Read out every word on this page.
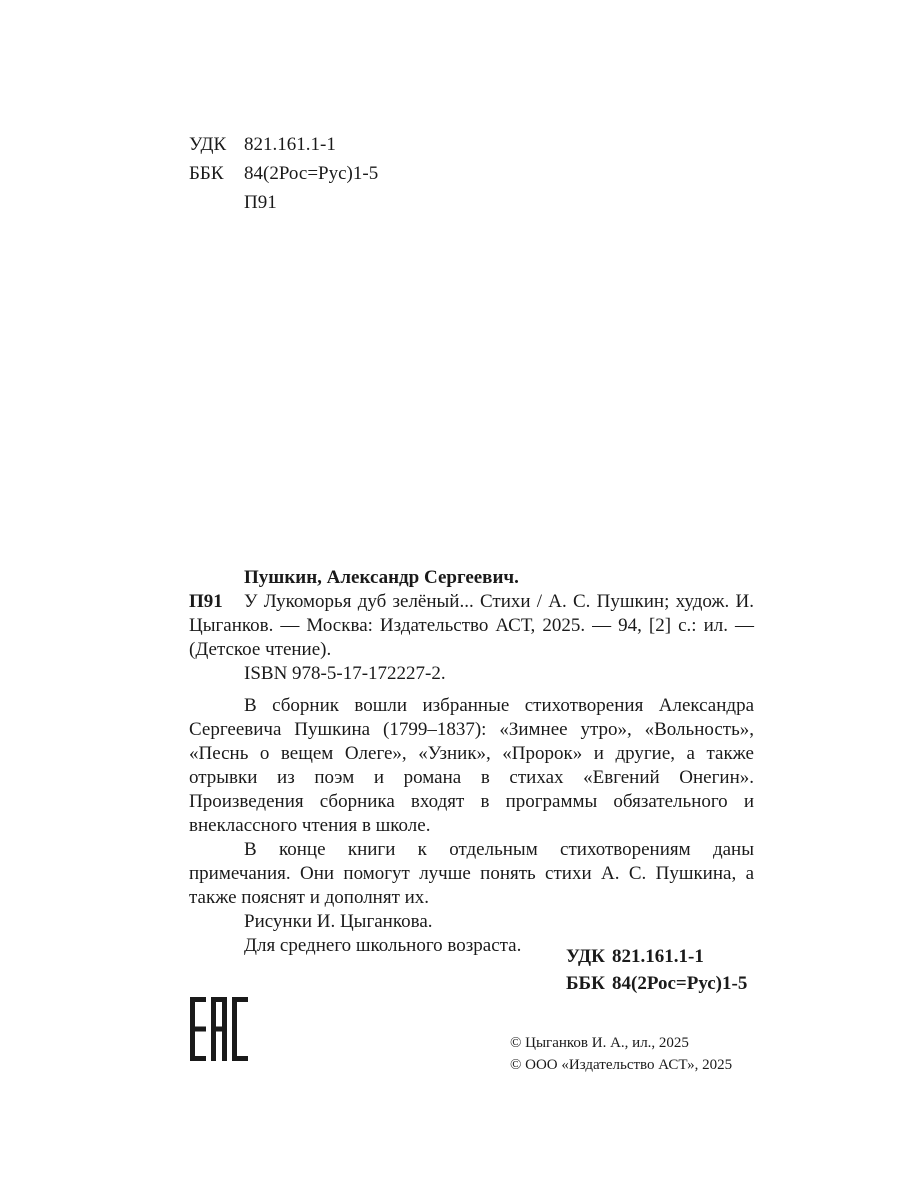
УДК 821.161.1-1
ББК	84(2Рос=Рус)1-5
П91
Пушкин, Александр Сергеевич.
П91 У Лукоморья дуб зелёный... Стихи / А. С. Пушкин; худож. И. Цыганков. — Москва: Издательство АСТ, 2025. — 94, [2] с.: ил. — (Детское чтение).
ISBN 978-5-17-172227-2.
В сборник вошли избранные стихотворения Александра Сергеевича Пушкина (1799–1837): «Зимнее утро», «Вольность», «Песнь о вещем Олеге», «Узник», «Пророк» и другие, а также отрывки из поэм и романа в стихах «Евгений Онегин». Произведения сборника входят в программы обязательного и внеклассного чтения в школе.
В конце книги к отдельным стихотворениям даны примечания. Они помогут лучше понять стихи А. С. Пушкина, а также пояснят и дополнят их.
Рисунки И. Цыганкова.
Для среднего школьного возраста.
УДК 821.161.1-1
ББК 84(2Рос=Рус)1-5
© Цыганков И. А., ил., 2025
© ООО «Издательство АСТ», 2025
